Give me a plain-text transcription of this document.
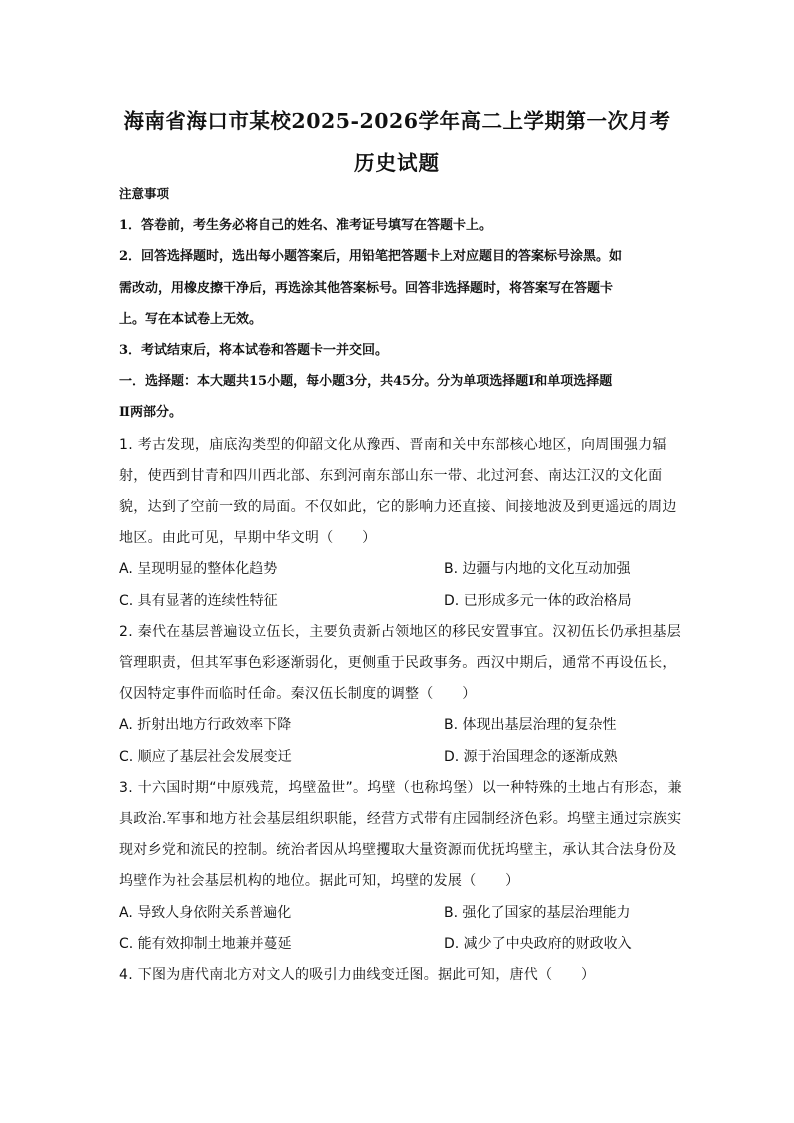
海南省海口市某校2025-2026学年高二上学期第一次月考
历史试题
注意事项
1．答卷前，考生务必将自己的姓名、准考证号填写在答题卡上。
2．回答选择题时，选出每小题答案后，用铅笔把答题卡上对应题目的答案标号涂黑。如
需改动，用橡皮擦干净后，再选涂其他答案标号。回答非选择题时，将答案写在答题卡
上。写在本试卷上无效。
3．考试结束后，将本试卷和答题卡一并交回。
一．选择题：本大题共15小题，每小题3分，共45分。分为单项选择题Ⅰ和单项选择题
Ⅱ两部分。
1. 考古发现，庙底沟类型的仰韶文化从豫西、晋南和关中东部核心地区，向周围强力辐
射，使西到甘青和四川西北部、东到河南东部山东一带、北过河套、南达江汉的文化面
貌，达到了空前一致的局面。不仅如此，它的影响力还直接、间接地波及到更遥远的周边
地区。由此可见，早期中华文明（　　）
A. 呈现明显的整体化趋势	B. 边疆与内地的文化互动加强
C. 具有显著的连续性特征	D. 已形成多元一体的政治格局
2. 秦代在基层普遍设立伍长，主要负责新占领地区的移民安置事宜。汉初伍长仍承担基层
管理职责，但其军事色彩逐渐弱化，更侧重于民政事务。西汉中期后，通常不再设伍长，
仅因特定事件而临时任命。秦汉伍长制度的调整（　　）
A. 折射出地方行政效率下降	B. 体现出基层治理的复杂性
C. 顺应了基层社会发展变迁	D. 源于治国理念的逐渐成熟
3. 十六国时期“中原残荒，坞壁盈世”。坞壁（也称坞堡）以一种特殊的土地占有形态，兼
具政治.军事和地方社会基层组织职能，经营方式带有庄园制经济色彩。坞壁主通过宗族实
现对乡党和流民的控制。统治者因从坞壁攫取大量资源而优抚坞壁主，承认其合法身份及
坞壁作为社会基层机构的地位。据此可知，坞壁的发展（　　）
A. 导致人身依附关系普遍化	B. 强化了国家的基层治理能力
C. 能有效抑制土地兼并蔓延	D. 减少了中央政府的财政收入
4. 下图为唐代南北方对文人的吸引力曲线变迁图。据此可知，唐代（　　）
